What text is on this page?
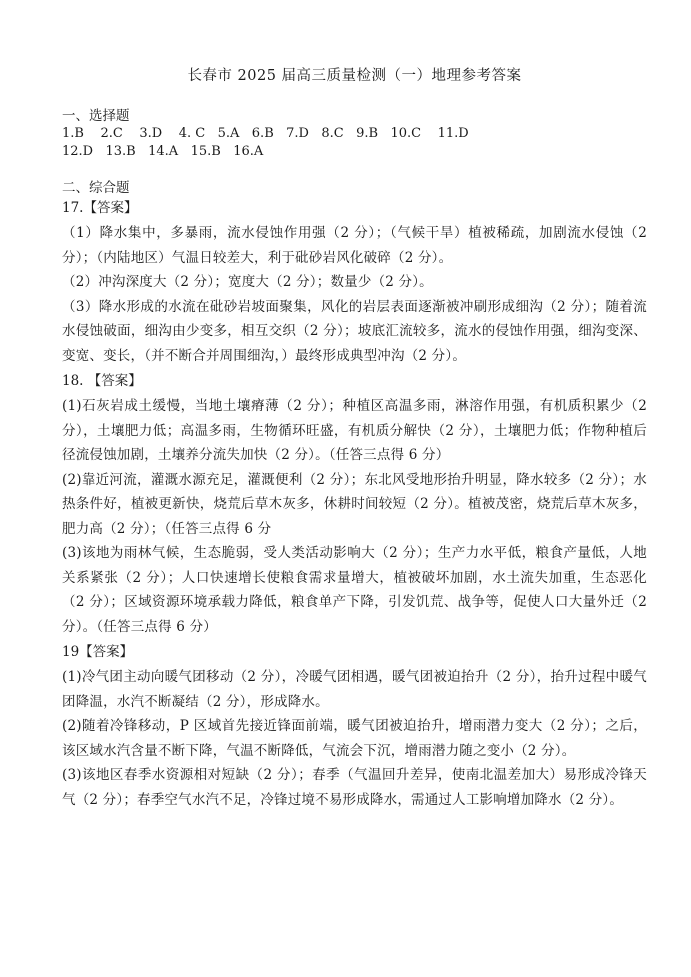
长春市 2025 届高三质量检测（一）地理参考答案
一、选择题
1.B    2.C    3.D    4. C   5.A   6.B   7.D   8.C   9.B   10.C    11.D
12.D   13.B   14.A   15.B   16.A
二、综合题
17.【答案】

（1）降水集中，多暴雨，流水侵蚀作用强（2 分）；（气候干旱）植被稀疏，加剧流水侵蚀（2 分）；（内陆地区）气温日较差大，利于砒砂岩风化破碎（2 分）。

（2）冲沟深度大（2 分）；宽度大（2 分）；数量少（2 分）。

（3）降水形成的水流在砒砂岩坡面聚集，风化的岩层表面逐渐被冲刷形成细沟（2 分）；随着流水侵蚀破面，细沟由少变多，相互交织（2 分）；坡底汇流较多，流水的侵蚀作用强，细沟变深、变宽、变长，（并不断合并周围细沟，）最终形成典型冲沟（2 分）。

18. 【答案】

(1)石灰岩成土缓慢，当地土壤瘠薄（2 分）；种植区高温多雨，淋溶作用强，有机质积累少（2 分），土壤肥力低；高温多雨，生物循环旺盛，有机质分解快（2 分），土壤肥力低；作物种植后径流侵蚀加剧，土壤养分流失加快（2 分）。（任答三点得 6 分）

(2)靠近河流，灌溉水源充足，灌溉便利（2 分）；东北风受地形抬升明显，降水较多（2 分）；水热条件好，植被更新快，烧荒后草木灰多，休耕时间较短（2 分）。植被茂密，烧荒后草木灰多，肥力高（2 分）；（任答三点得 6 分

(3)该地为雨林气候，生态脆弱，受人类活动影响大（2 分）；生产力水平低，粮食产量低，人地关系紧张（2 分）；人口快速增长使粮食需求量增大，植被破坏加剧，水土流失加重，生态恶化（2 分）；区域资源环境承载力降低，粮食单产下降，引发饥荒、战争等，促使人口大量外迁（2 分）。（任答三点得 6 分）

19【答案】

(1)冷气团主动向暖气团移动（2 分），冷暖气团相遇，暖气团被迫抬升（2 分），抬升过程中暖气团降温，水汽不断凝结（2 分），形成降水。

(2)随着冷锋移动，P 区域首先接近锋面前端，暖气团被迫抬升，增雨潜力变大（2 分）；之后，该区域水汽含量不断下降，气温不断降低，气流会下沉，增雨潜力随之变小（2 分）。

(3)该地区春季水资源相对短缺（2 分）；春季（气温回升差异，使南北温差加大）易形成冷锋天气（2 分）；春季空气水汽不足，冷锋过境不易形成降水，需通过人工影响增加降水（2 分）。
